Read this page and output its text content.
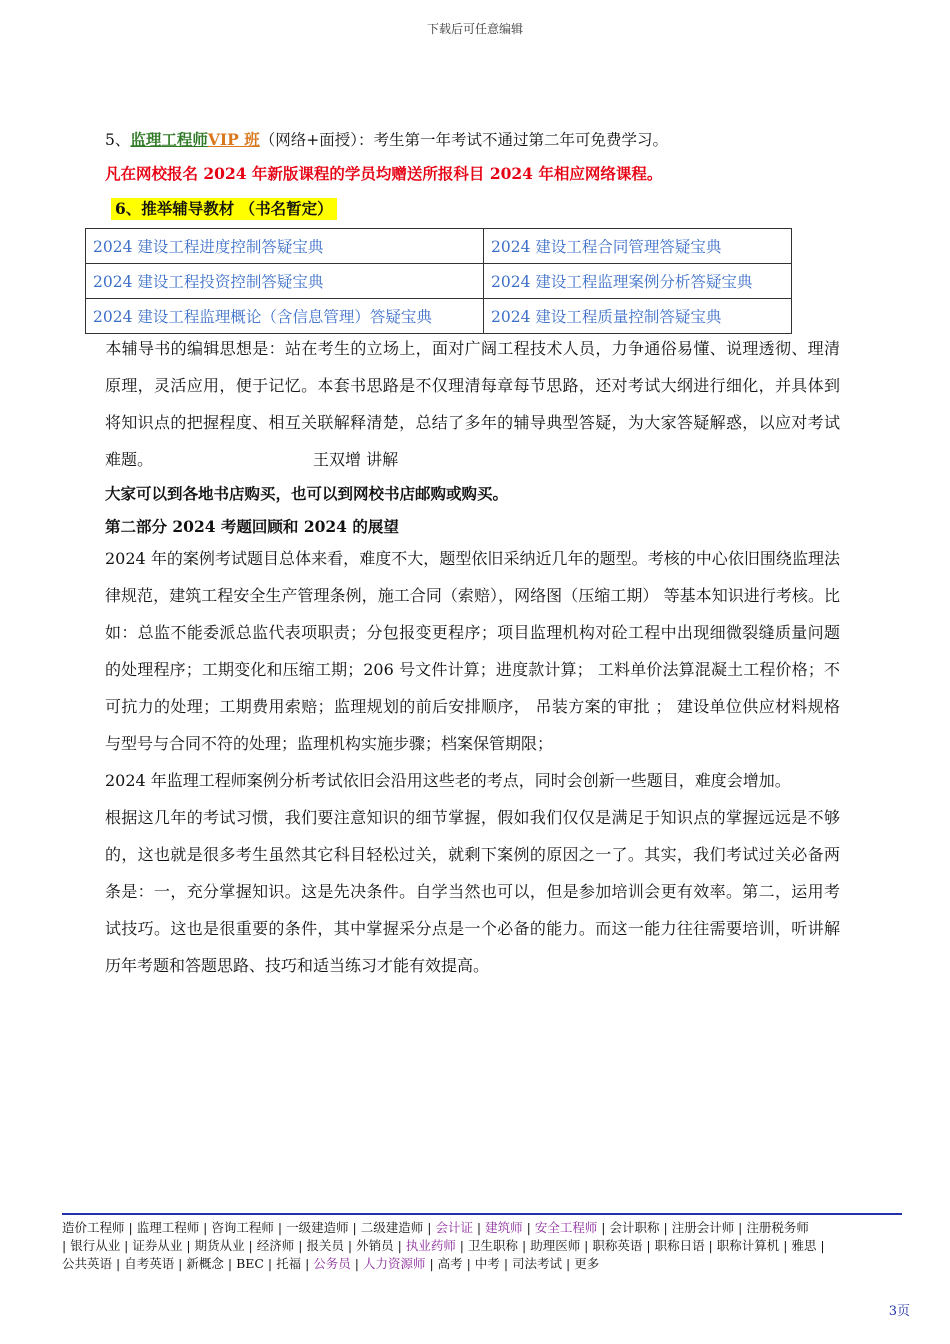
下载后可任意编辑
5、监理工程师VIP 班（网络+面授）：考生第一年考试不通过第二年可免费学习。
凡在网校报名 2024 年新版课程的学员均赠送所报科目 2024 年相应网络课程。
6、推举辅导教材 （书名暂定）
2024 建设工程进度控制答疑宝典	2024 建设工程合同管理答疑宝典
2024 建设工程投资控制答疑宝典	2024 建设工程监理案例分析答疑宝典
2024 建设工程监理概论（含信息管理）答疑宝典	2024 建设工程质量控制答疑宝典
本辅导书的编辑思想是：站在考生的立场上，面对广阔工程技术人员，力争通俗易懂、说理透彻、理清原理，灵活应用，便于记忆。本套书思路是不仅理清每章每节思路，还对考试大纲进行细化，并具体到将知识点的把握程度、相互关联解释清楚，总结了多年的辅导典型答疑，为大家答疑解惑，以应对考试难题。	王双增 讲解
大家可以到各地书店购买，也可以到网校书店邮购或购买。
第二部分 2024 考题回顾和 2024 的展望
2024 年的案例考试题目总体来看，难度不大，题型依旧采纳近几年的题型。考核的中心依旧围绕监理法律规范，建筑工程安全生产管理条例，施工合同（索赔），网络图（压缩工期） 等基本知识进行考核。比如：总监不能委派总监代表项职责；分包报变更程序；项目监理机构对砼工程中出现细微裂缝质量问题的处理程序；工期变化和压缩工期；206 号文件计算；进度款计算； 工料单价法算混凝土工程价格；不可抗力的处理；工期费用索赔；监理规划的前后安排顺序， 吊装方案的审批 ； 建设单位供应材料规格与型号与合同不符的处理；监理机构实施步骤；档案保管期限；
2024 年监理工程师案例分析考试依旧会沿用这些老的考点，同时会创新一些题目，难度会增加。
根据这几年的考试习惯，我们要注意知识的细节掌握，假如我们仅仅是满足于知识点的掌握远远是不够的，这也就是很多考生虽然其它科目轻松过关，就剩下案例的原因之一了。其实，我们考试过关必备两条是：一，充分掌握知识。这是先决条件。自学当然也可以，但是参加培训会更有效率。第二，运用考试技巧。这也是很重要的条件，其中掌握采分点是一个必备的能力。而这一能力往往需要培训，听讲解历年考题和答题思路、技巧和适当练习才能有效提高。
造价工程师 | 监理工程师 | 咨询工程师 | 一级建造师 | 二级建造师 | 会计证 | 建筑师 | 安全工程师 | 会计职称 | 注册会计师 | 注册税务师
| 银行从业 | 证券从业 | 期货从业 | 经济师 | 报关员 | 外销员 | 执业药师 | 卫生职称 | 助理医师 | 职称英语 | 职称日语 | 职称计算机 | 雅思 |
公共英语 | 自考英语 | 新概念 | BEC | 托福 | 公务员 | 人力资源师 | 高考 | 中考 | 司法考试 | 更多
3页
